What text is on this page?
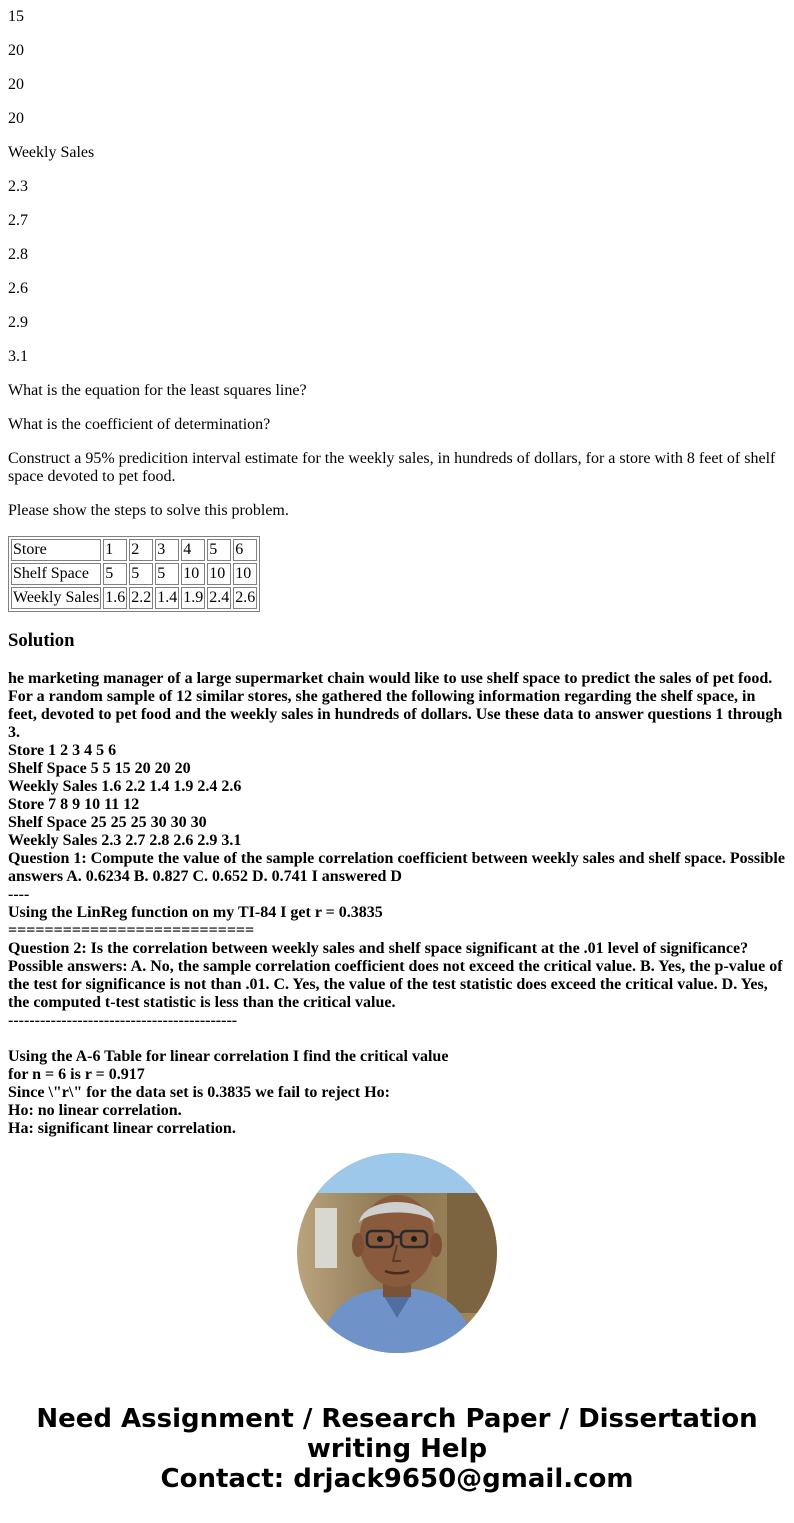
15

20

20

20

Weekly Sales

2.3

2.7

2.8

2.6

2.9

3.1

What is the equation for the least squares line?

What is the coefficient of determination?

Construct a 95% predicition interval estimate for the weekly sales, in hundreds of dollars, for a store with 8 feet of shelf space devoted to pet food.

Please show the steps to solve this problem.

Store	1	2	3	4	5	6
Shelf Space	5	5	5	10	10	10
Weekly Sales	1.6	2.2	1.4	1.9	2.4	2.6
Solution
he marketing manager of a large supermarket chain would like to use shelf space to predict the sales of pet food. For a random sample of 12 similar stores, she gathered the following information regarding the shelf space, in feet, devoted to pet food and the weekly sales in hundreds of dollars. Use these data to answer questions 1 through 3.
Store 1 2 3 4 5 6
Shelf Space 5 5 15 20 20 20
Weekly Sales 1.6 2.2 1.4 1.9 2.4 2.6
Store 7 8 9 10 11 12
Shelf Space 25 25 25 30 30 30
Weekly Sales 2.3 2.7 2.8 2.6 2.9 3.1
Question 1: Compute the value of the sample correlation coefficient between weekly sales and shelf space. Possible answers A. 0.6234 B. 0.827 C. 0.652 D. 0.741 I answered D
----
Using the LinReg function on my TI-84 I get r = 0.3835
===========================
Question 2: Is the correlation between weekly sales and shelf space significant at the .01 level of significance? Possible answers: A. No, the sample correlation coefficient does not exceed the critical value. B. Yes, the p-value of the test for significance is not than .01. C. Yes, the value of the test statistic does exceed the critical value. D. Yes, the computed t-test statistic is less than the critical value.
-------------------------------------------
Using the A-6 Table for linear correlation I find the critical value
for n = 6 is r = 0.917
Since \"r\" for the data set is 0.3835 we fail to reject Ho:
Ho: no linear correlation.
Ha: significant linear correlation.
Need Assignment / Research Paper / Dissertation
writing Help
Contact: drjack9650@gmail.com
